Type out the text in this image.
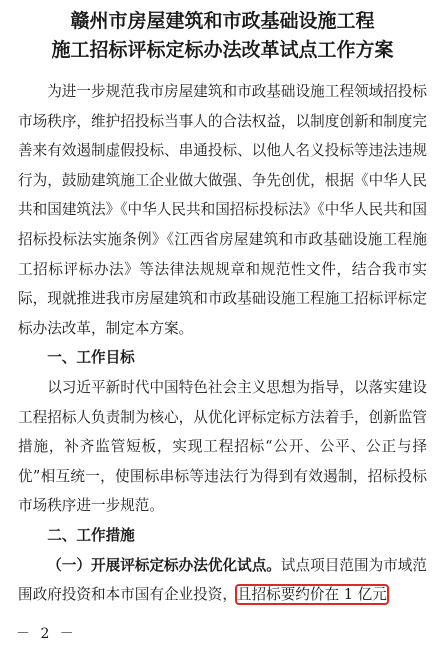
赣州市房屋建筑和市政基础设施工程
施工招标评标定标办法改革试点工作方案

为进一步规范我市房屋建筑和市政基础设施工程领域招投标市场秩序，维护招投标当事人的合法权益，以制度创新和制度完善来有效遏制虚假投标、串通投标、以他人名义投标等违法违规行为，鼓励建筑施工企业做大做强、争先创优，根据《中华人民共和国建筑法》《中华人民共和国招标投标法》《中华人民共和国招标投标法实施条例》《江西省房屋建筑和市政基础设施工程施工招标评标办法》等法律法规规章和规范性文件，结合我市实际，现就推进我市房屋建筑和市政基础设施工程施工招标评标定标办法改革，制定本方案。

一、工作目标

以习近平新时代中国特色社会主义思想为指导，以落实建设工程招标人负责制为核心，从优化评标定标方法着手，创新监管措施，补齐监管短板，实现工程招标“公开、公平、公正与择优”相互统一，使围标串标等违法行为得到有效遏制，招标投标市场秩序进一步规范。

二、工作措施

（一）开展评标定标办法优化试点。试点项目范围为市域范围政府投资和本市国有企业投资，且招标要约价在 1 亿元

－ 2 －
